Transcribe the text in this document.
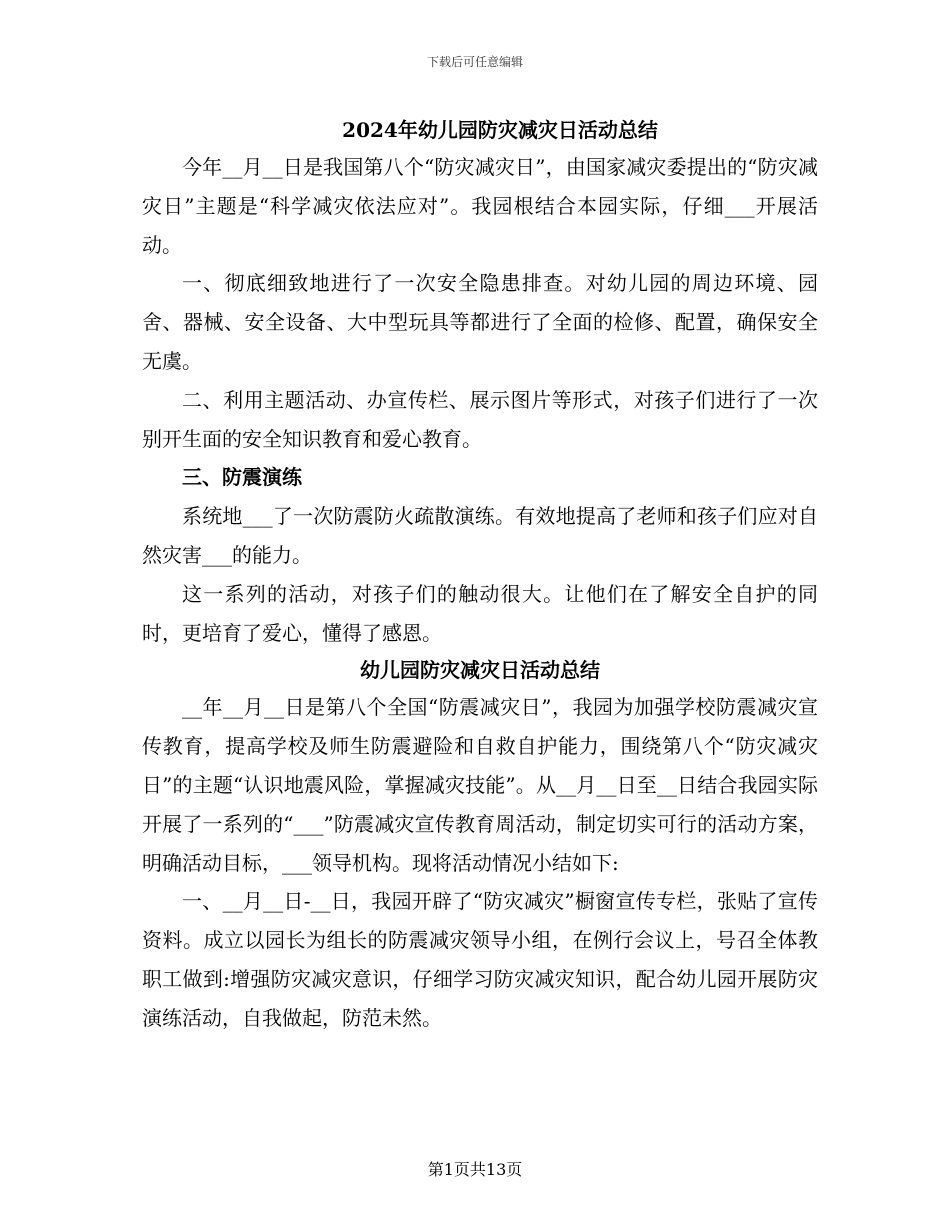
下载后可任意编辑
2024年幼儿园防灾减灾日活动总结

今年__月__日是我国第八个“防灾减灾日”，由国家减灾委提出的“防灾减灾日”主题是“科学减灾依法应对”。我园根结合本园实际，仔细___开展活动。

一、彻底细致地进行了一次安全隐患排查。对幼儿园的周边环境、园舍、器械、安全设备、大中型玩具等都进行了全面的检修、配置，确保安全无虞。

二、利用主题活动、办宣传栏、展示图片等形式，对孩子们进行了一次别开生面的安全知识教育和爱心教育。

三、防震演练

系统地___了一次防震防火疏散演练。有效地提高了老师和孩子们应对自然灾害___的能力。

这一系列的活动，对孩子们的触动很大。让他们在了解安全自护的同时，更培育了爱心，懂得了感恩。

幼儿园防灾减灾日活动总结

__年__月__日是第八个全国“防震减灾日”，我园为加强学校防震减灾宣传教育，提高学校及师生防震避险和自救自护能力，围绕第八个“防灾减灾日”的主题“认识地震风险，掌握减灾技能”。从__月__日至__日结合我园实际开展了一系列的“___”防震减灾宣传教育周活动，制定切实可行的活动方案，明确活动目标，___领导机构。现将活动情况小结如下:

一、__月__日-__日，我园开辟了“防灾减灾”橱窗宣传专栏，张贴了宣传资料。成立以园长为组长的防震减灾领导小组，在例行会议上，号召全体教职工做到:增强防灾减灾意识，仔细学习防灾减灾知识，配合幼儿园开展防灾演练活动，自我做起，防范未然。

第1页共13页
